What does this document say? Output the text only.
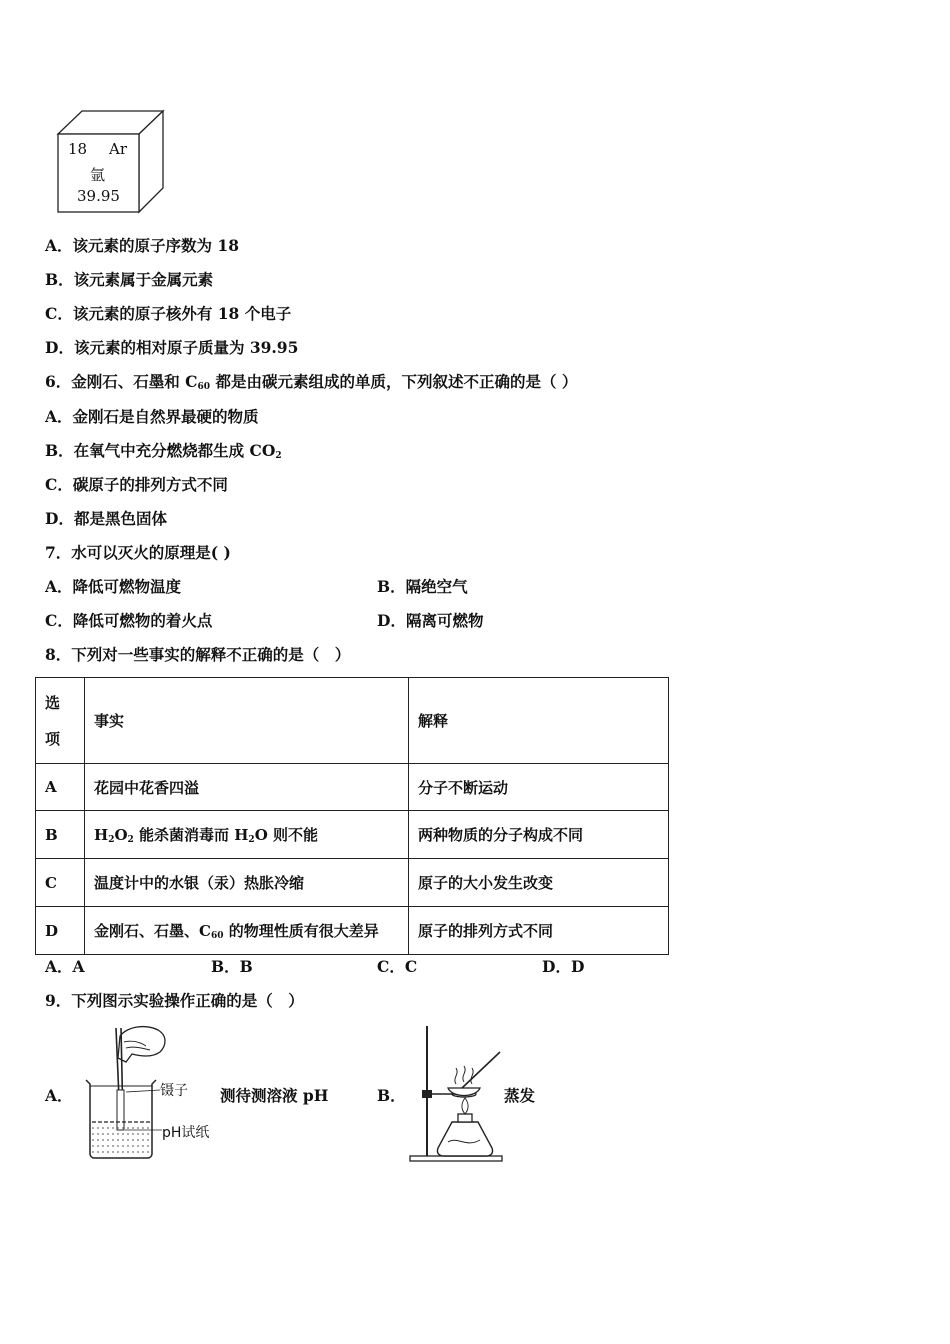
18 Ar
氩
39.95
A．该元素的原子序数为 18
B．该元素属于金属元素
C．该元素的原子核外有 18 个电子
D．该元素的相对原子质量为 39.95
6．金刚石、石墨和 $C_{60}$ 都是由碳元素组成的单质，下列叙述不正确的是（ ）
A．金刚石是自然界最硬的物质
B．在氧气中充分燃烧都生成 $CO_2$
C．碳原子的排列方式不同
D．都是黑色固体
7．水可以灭火的原理是( )
A．降低可燃物温度	B．隔绝空气
C．降低可燃物的着火点	D．隔离可燃物
8．下列对一些事实的解释不正确的是（　）
选
项	事实	解释
A	花园中花香四溢	分子不断运动
B	$H_2O_2$ 能杀菌消毒而 $H_2O$ 则不能	两种物质的分子构成不同
C	温度计中的水银（汞）热胀冷缩	原子的大小发生改变
D	金刚石、石墨、$C_{60}$ 的物理性质有很大差异	原子的排列方式不同
A．A	B．B	C．C	D．D
9．下列图示实验操作正确的是（　）
A．	镊子
pH试纸
测待测溶液 pH	B．	蒸发
